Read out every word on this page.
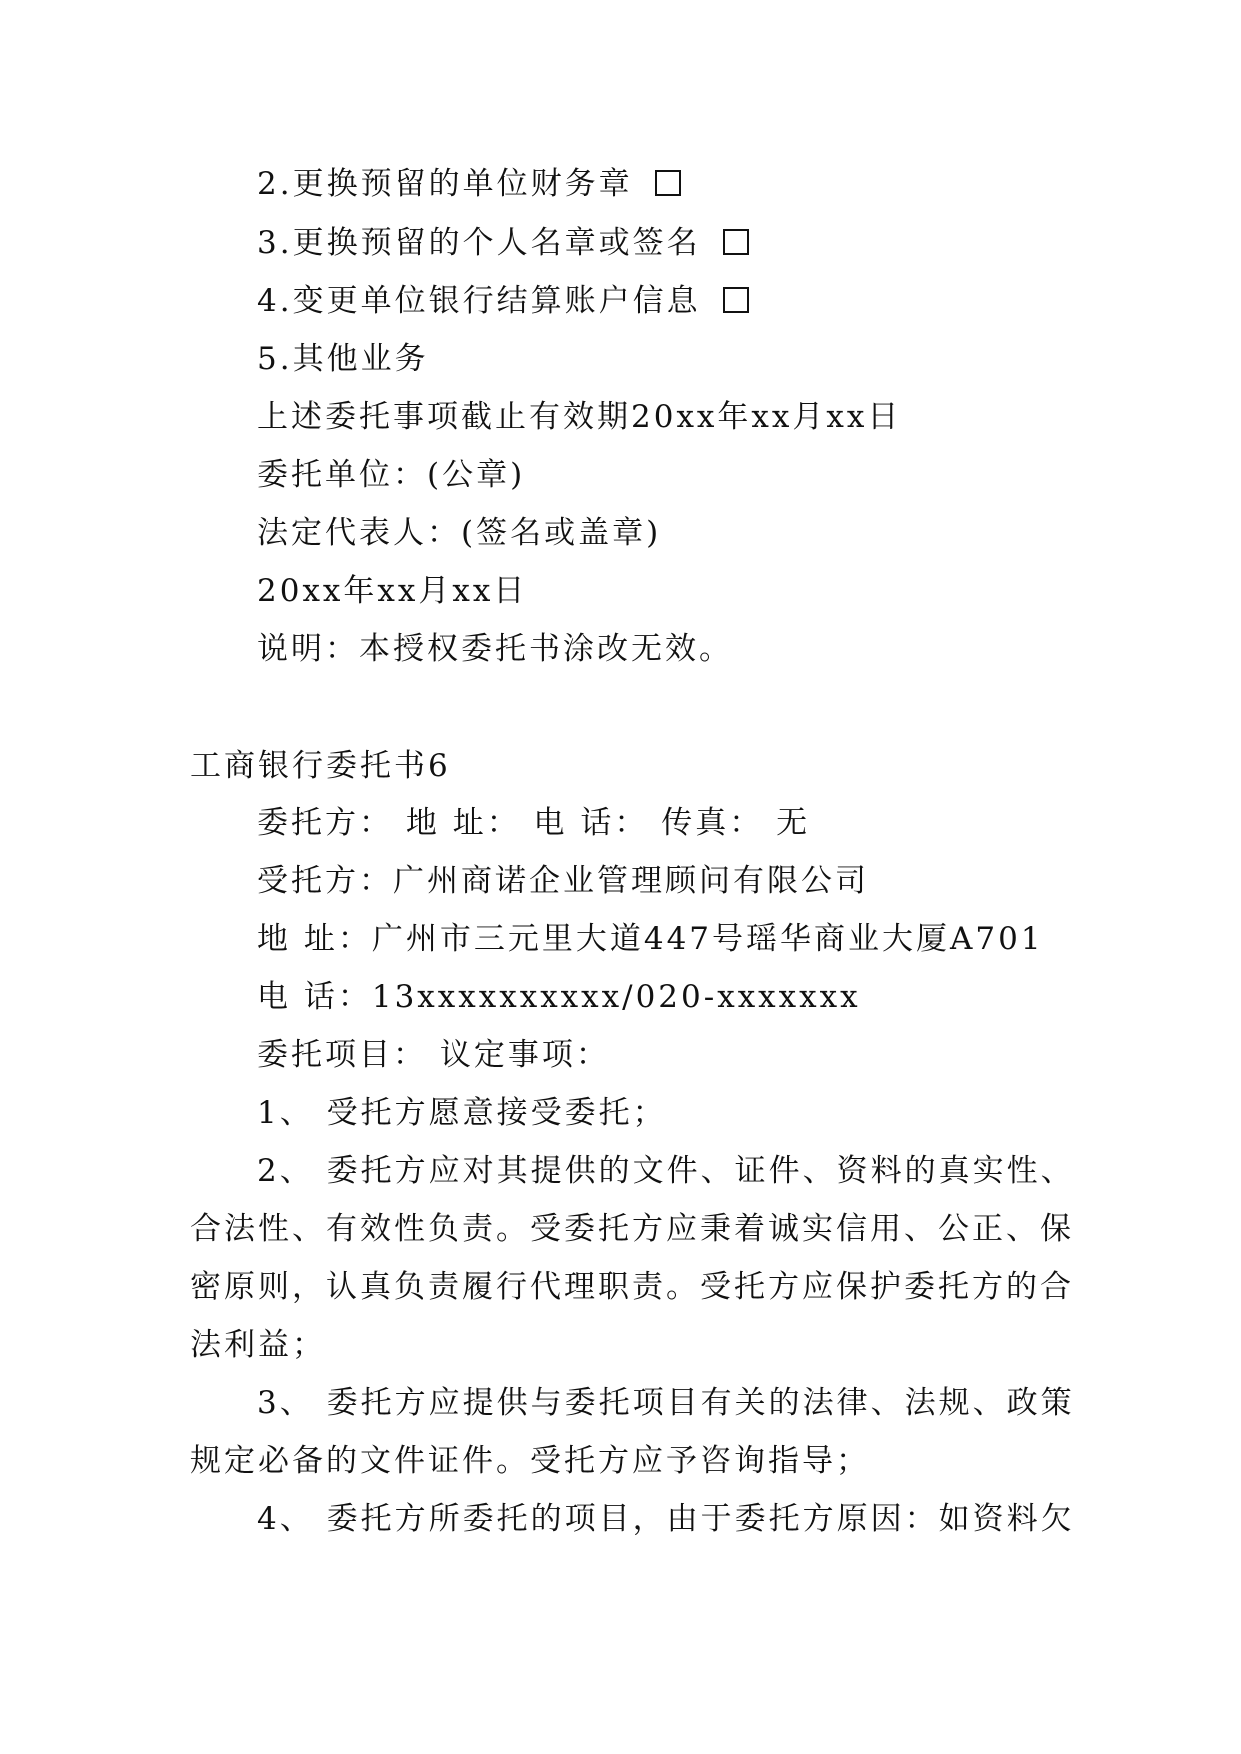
2.更换预留的单位财务章
3.更换预留的个人名章或签名
4.变更单位银行结算账户信息
5.其他业务
上述委托事项截止有效期20xx年xx月xx日
委托单位：(公章)
法定代表人：(签名或盖章)
20xx年xx月xx日
说明：本授权委托书涂改无效。
工商银行委托书6
委托方： 地 址： 电 话： 传真： 无
受托方：广州商诺企业管理顾问有限公司
地 址：广州市三元里大道447号瑶华商业大厦A701
电 话：13xxxxxxxxxx/020-xxxxxxx
委托项目： 议定事项：
1、 受托方愿意接受委托；
2、 委托方应对其提供的文件、证件、资料的真实性、
合法性、有效性负责。受委托方应秉着诚实信用、公正、保
密原则，认真负责履行代理职责。受托方应保护委托方的合
法利益；
3、 委托方应提供与委托项目有关的法律、法规、政策
规定必备的文件证件。受托方应予咨询指导；
4、 委托方所委托的项目，由于委托方原因：如资料欠
